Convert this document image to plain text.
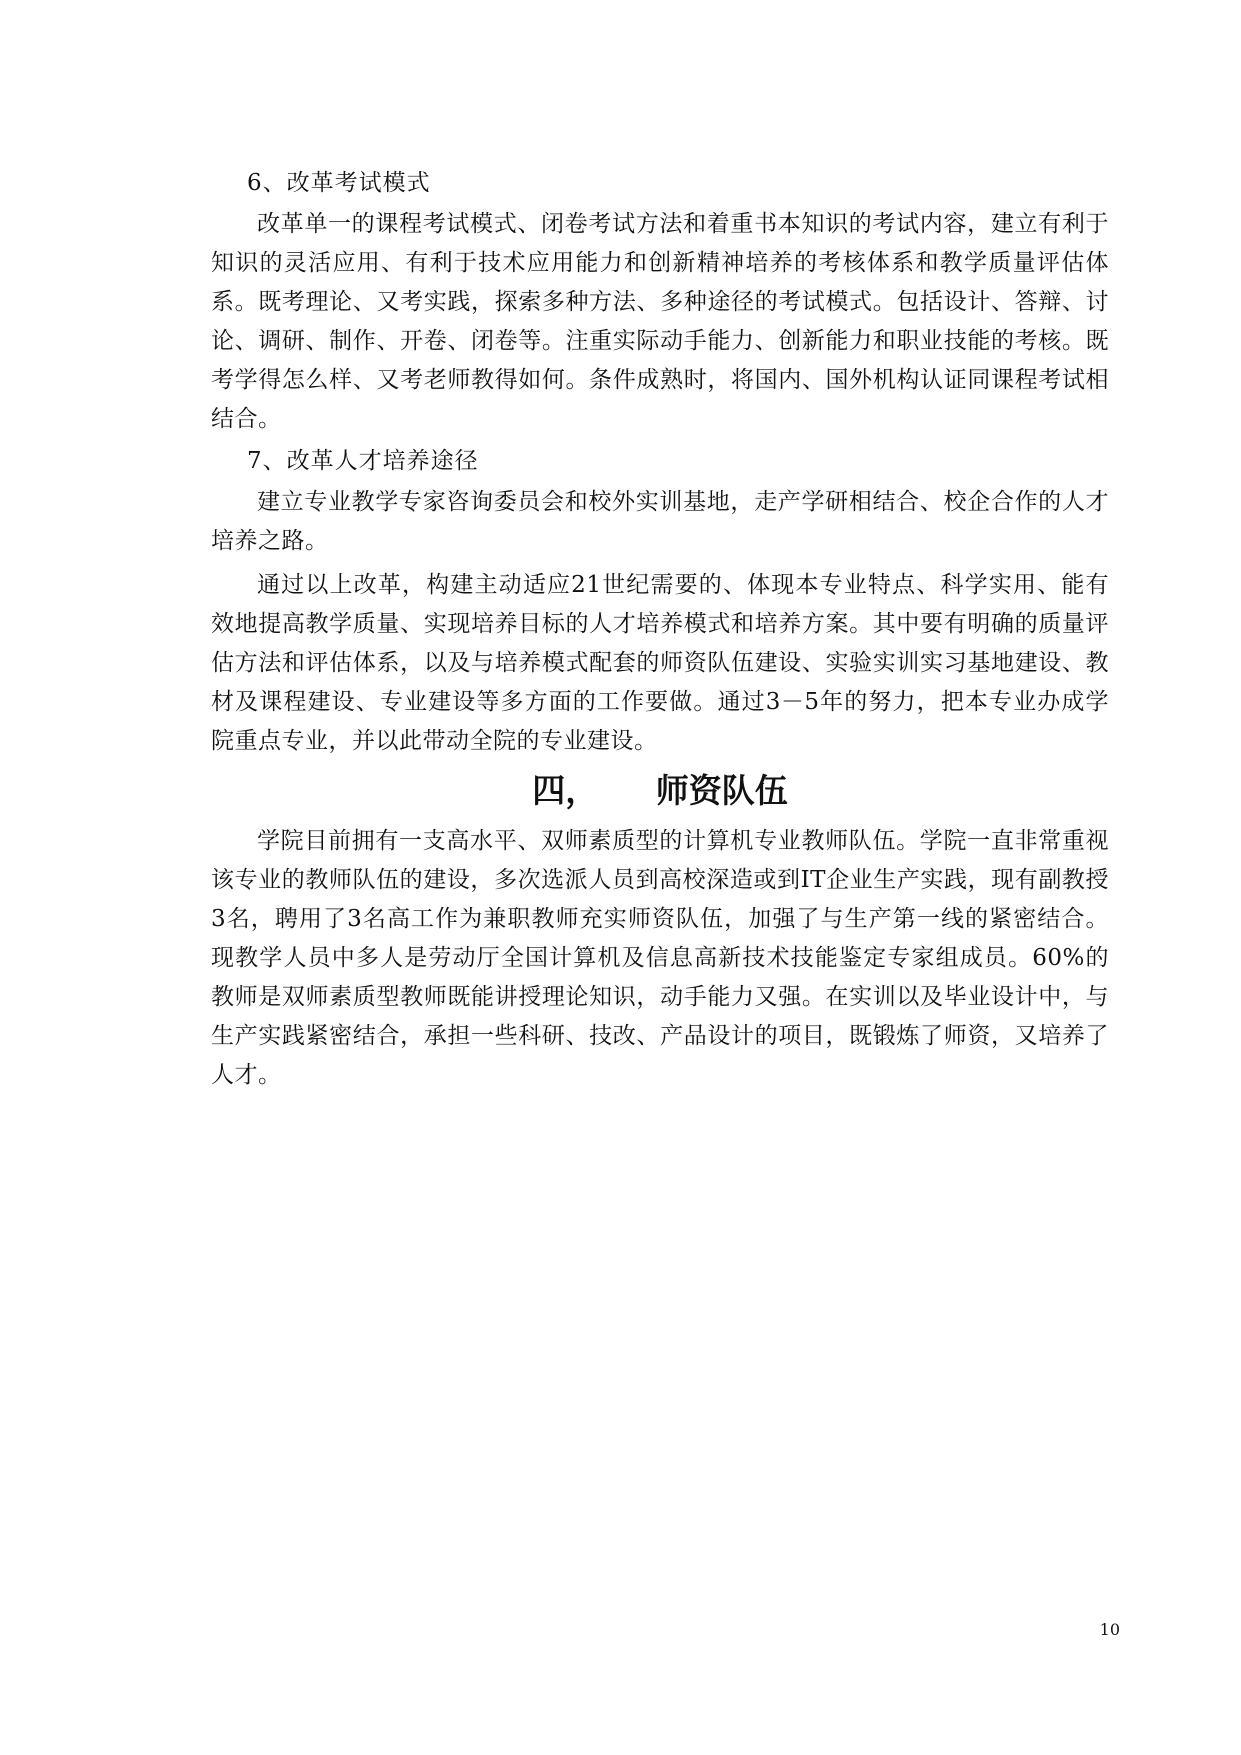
6、改革考试模式

改革单一的课程考试模式、闭卷考试方法和着重书本知识的考试内容，建立有利于知识的灵活应用、有利于技术应用能力和创新精神培养的考核体系和教学质量评估体系。既考理论、又考实践，探索多种方法、多种途径的考试模式。包括设计、答辩、讨论、调研、制作、开卷、闭卷等。注重实际动手能力、创新能力和职业技能的考核。既考学得怎么样、又考老师教得如何。条件成熟时，将国内、国外机构认证同课程考试相结合。

7、改革人才培养途径

建立专业教学专家咨询委员会和校外实训基地，走产学研相结合、校企合作的人才培养之路。

通过以上改革，构建主动适应21世纪需要的、体现本专业特点、科学实用、能有效地提高教学质量、实现培养目标的人才培养模式和培养方案。其中要有明确的质量评估方法和评估体系，以及与培养模式配套的师资队伍建设、实验实训实习基地建设、教材及课程建设、专业建设等多方面的工作要做。通过3－5年的努力，把本专业办成学院重点专业，并以此带动全院的专业建设。

四，     师资队伍

学院目前拥有一支高水平、双师素质型的计算机专业教师队伍。学院一直非常重视该专业的教师队伍的建设，多次选派人员到高校深造或到IT企业生产实践，现有副教授3名，聘用了3名高工作为兼职教师充实师资队伍，加强了与生产第一线的紧密结合。现教学人员中多人是劳动厅全国计算机及信息高新技术技能鉴定专家组成员。60%的教师是双师素质型教师既能讲授理论知识，动手能力又强。在实训以及毕业设计中，与生产实践紧密结合，承担一些科研、技改、产品设计的项目，既锻炼了师资，又培养了人才。

10
